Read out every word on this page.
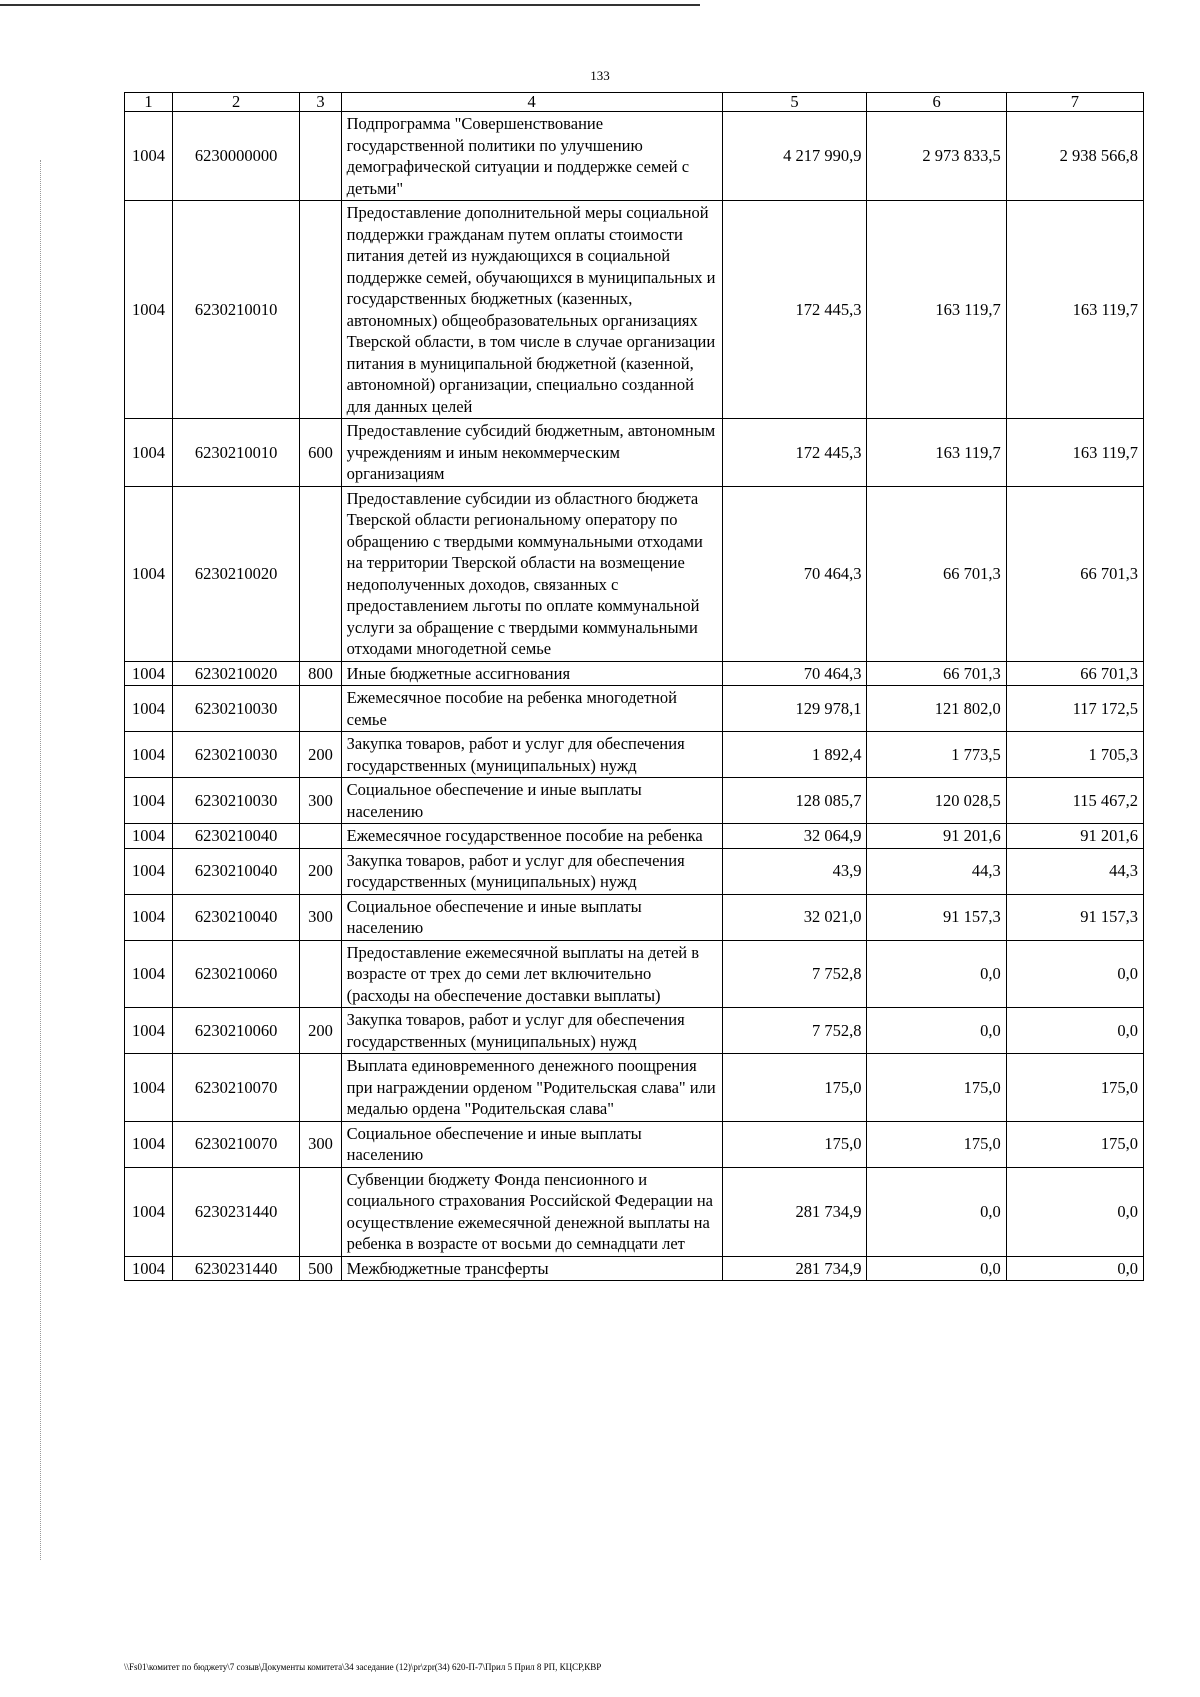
133
1	2	3	4	5	6	7
1004	6230000000		Подпрограмма "Совершенствование государственной политики по улучшению демографической ситуации и поддержке семей с детьми"	4 217 990,9	2 973 833,5	2 938 566,8
1004	6230210010		Предоставление дополнительной меры социальной поддержки гражданам путем оплаты стоимости питания детей из нуждающихся в социальной поддержке семей, обучающихся в муниципальных и государственных бюджетных (казенных, автономных) общеобразовательных организациях Тверской области, в том числе в случае организации питания в муниципальной бюджетной (казенной, автономной) организации, специально созданной для данных целей	172 445,3	163 119,7	163 119,7
1004	6230210010	600	Предоставление субсидий бюджетным, автономным учреждениям и иным некоммерческим организациям	172 445,3	163 119,7	163 119,7
1004	6230210020		Предоставление субсидии из областного бюджета Тверской области региональному оператору по обращению с твердыми коммунальными отходами на территории Тверской области на возмещение недополученных доходов, связанных с предоставлением льготы по оплате коммунальной услуги за обращение с твердыми коммунальными отходами многодетной семье	70 464,3	66 701,3	66 701,3
1004	6230210020	800	Иные бюджетные ассигнования	70 464,3	66 701,3	66 701,3
1004	6230210030		Ежемесячное пособие на ребенка многодетной семье	129 978,1	121 802,0	117 172,5
1004	6230210030	200	Закупка товаров, работ и услуг для обеспечения государственных (муниципальных) нужд	1 892,4	1 773,5	1 705,3
1004	6230210030	300	Социальное обеспечение и иные выплаты населению	128 085,7	120 028,5	115 467,2
1004	6230210040		Ежемесячное государственное пособие на ребенка	32 064,9	91 201,6	91 201,6
1004	6230210040	200	Закупка товаров, работ и услуг для обеспечения государственных (муниципальных) нужд	43,9	44,3	44,3
1004	6230210040	300	Социальное обеспечение и иные выплаты населению	32 021,0	91 157,3	91 157,3
1004	6230210060		Предоставление ежемесячной выплаты на детей в возрасте от трех до семи лет включительно (расходы на обеспечение доставки выплаты)	7 752,8	0,0	0,0
1004	6230210060	200	Закупка товаров, работ и услуг для обеспечения государственных (муниципальных) нужд	7 752,8	0,0	0,0
1004	6230210070		Выплата единовременного денежного поощрения при награждении орденом "Родительская слава" или медалью ордена "Родительская слава"	175,0	175,0	175,0
1004	6230210070	300	Социальное обеспечение и иные выплаты населению	175,0	175,0	175,0
1004	6230231440		Субвенции бюджету Фонда пенсионного и социального страхования Российской Федерации на осуществление ежемесячной денежной выплаты на ребенка в возрасте от восьми до семнадцати лет	281 734,9	0,0	0,0
1004	6230231440	500	Межбюджетные трансферты	281 734,9	0,0	0,0
\\Fs01\комитет по бюджету\7 созыв\Документы комитета\34 заседание (12)\pr\zpr(34) 620-П-7\Прил 5 Прил 8 РП, КЦСР,КВР
